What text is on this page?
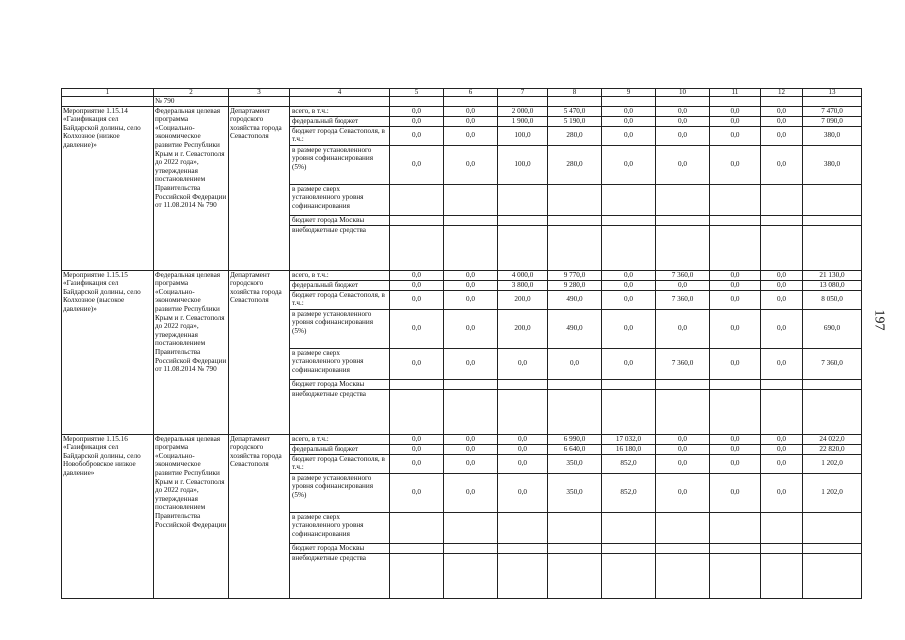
1	2	3	4	5	6	7	8	9	10	11	12	13
	№ 790											
Мероприятие 1.15.14 «Газификация сел Байдарской долины, село Колхозное (низкое давление)»	Федеральная целевая программа «Социально-экономическое развитие Республики Крым и г. Севастополя до 2022 года», утвержденная постановлением Правительства Российской Федерации от 11.08.2014 № 790	Департамент городского хозяйства города Севастополя	всего, в т.ч.:	0,0	0,0	2 000,0	5 470,0	0,0	0,0	0,0	0,0	7 470,0
			федеральный бюджет	0,0	0,0	1 900,0	5 190,0	0,0	0,0	0,0	0,0	7 090,0
			бюджет города Севастополя, в т.ч.:	0,0	0,0	100,0	280,0	0,0	0,0	0,0	0,0	380,0
			в размере установленного уровня софинансирования (5%)	0,0	0,0	100,0	280,0	0,0	0,0	0,0	0,0	380,0
			в размере сверх установленного уровня софинансирования									
			бюджет города Москвы									
			внебюджетные средства									
Мероприятие 1.15.15 «Газификация сел Байдарской долины, село Колхозное (высокое давление)»	Федеральная целевая программа «Социально-экономическое развитие Республики Крым и г. Севастополя до 2022 года», утвержденная постановлением Правительства Российской Федерации от 11.08.2014 № 790	Департамент городского хозяйства города Севастополя	всего, в т.ч.:	0,0	0,0	4 000,0	9 770,0	0,0	7 360,0	0,0	0,0	21 130,0
			федеральный бюджет	0,0	0,0	3 800,0	9 280,0	0,0	0,0	0,0	0,0	13 080,0
			бюджет города Севастополя, в т.ч.:	0,0	0,0	200,0	490,0	0,0	7 360,0	0,0	0,0	8 050,0
			в размере установленного уровня софинансирования (5%)	0,0	0,0	200,0	490,0	0,0	0,0	0,0	0,0	690,0
			в размере сверх установленного уровня софинансирования	0,0	0,0	0,0	0,0	0,0	7 360,0	0,0	0,0	7 360,0
			бюджет города Москвы									
			внебюджетные средства									
Мероприятие 1.15.16 «Газификация сел Байдарской долины, село Новобобровское низкое давление»	Федеральная целевая программа «Социально-экономическое развитие Республики Крым и г. Севастополя до 2022 года», утвержденная постановлением Правительства Российской Федерации	Департамент городского хозяйства города Севастополя	всего, в т.ч.:	0,0	0,0	0,0	6 990,0	17 032,0	0,0	0,0	0,0	24 022,0
			федеральный бюджет	0,0	0,0	0,0	6 640,0	16 180,0	0,0	0,0	0,0	22 820,0
			бюджет города Севастополя, в т.ч.:	0,0	0,0	0,0	350,0	852,0	0,0	0,0	0,0	1 202,0
			в размере установленного уровня софинансирования (5%)	0,0	0,0	0,0	350,0	852,0	0,0	0,0	0,0	1 202,0
			в размере сверх установленного уровня софинансирования									
			бюджет города Москвы									
			внебюджетные средства									
197
